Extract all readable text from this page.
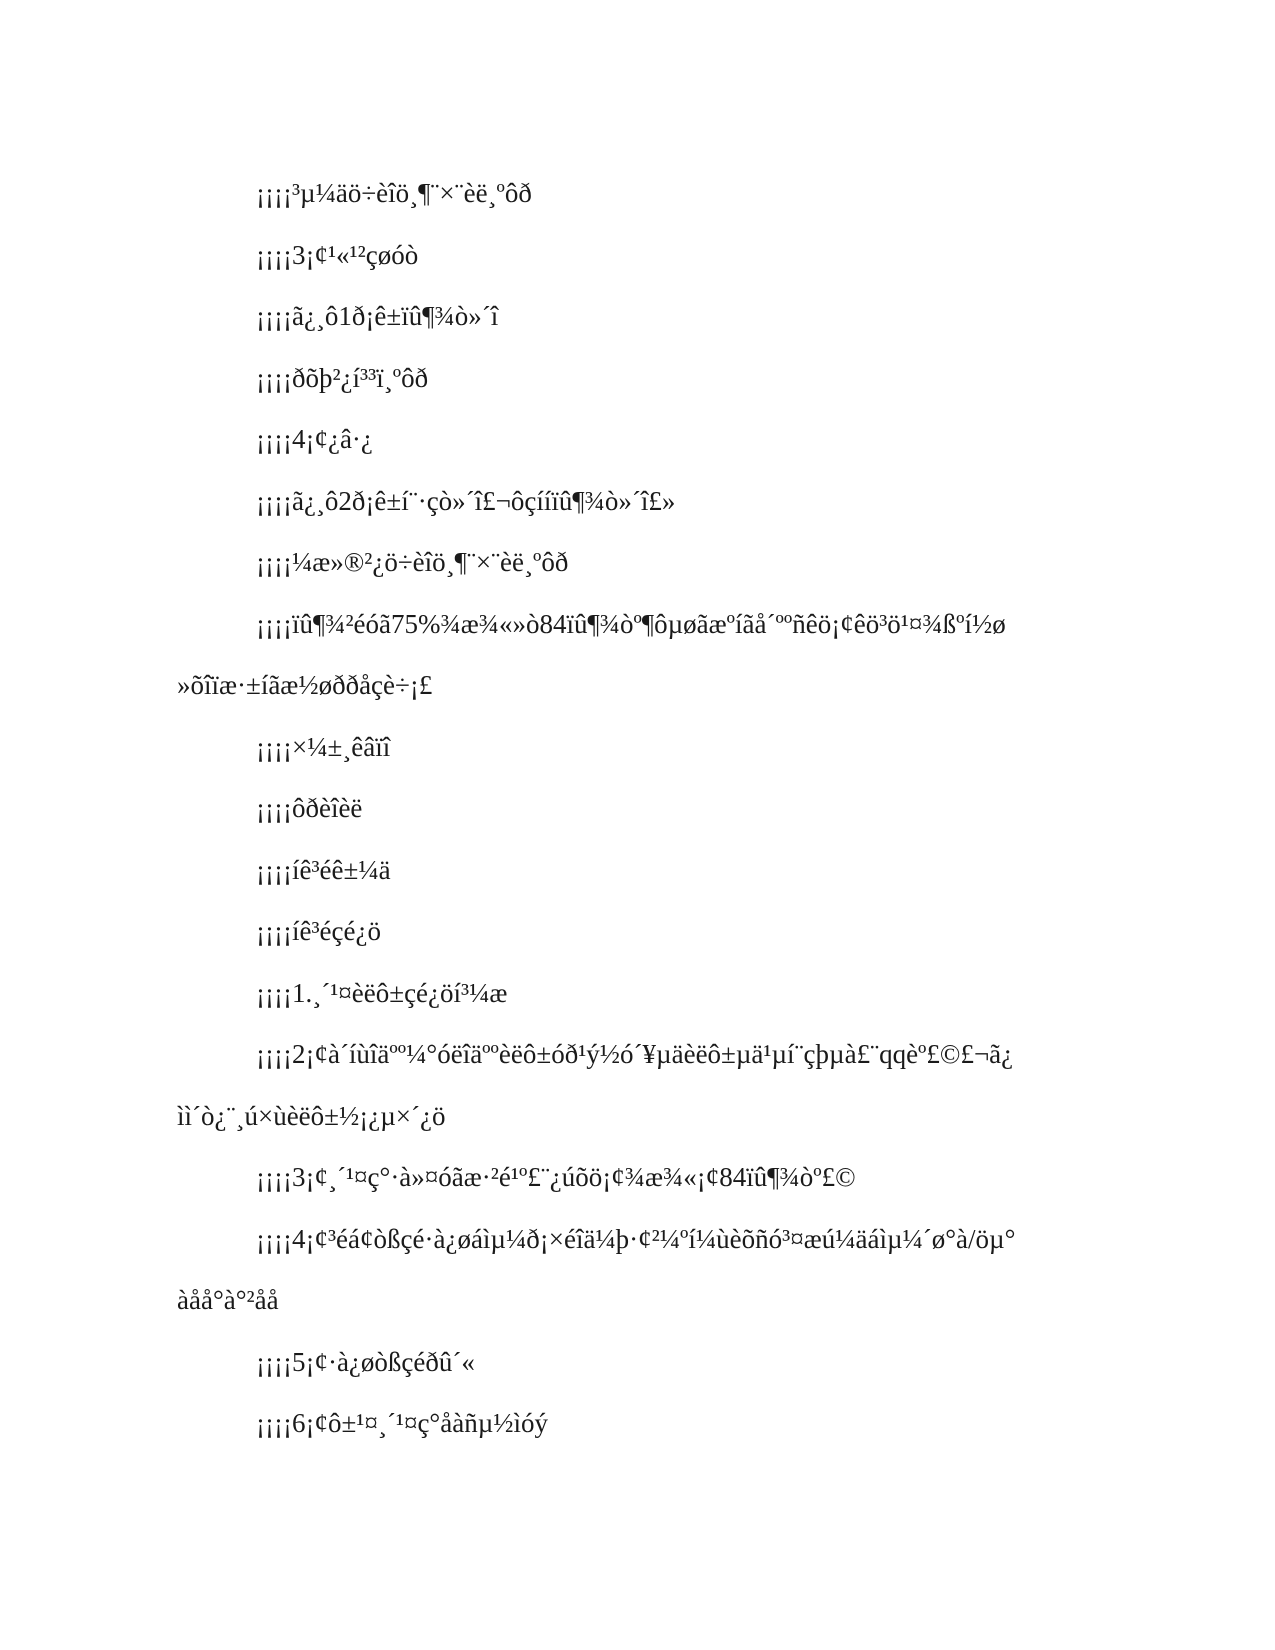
¡¡¡¡³µ¼äö÷èîö¸¶¨×¨èë¸ºôð
¡¡¡¡3¡¢¹«¹²çøóò
¡¡¡¡ã¿¸ô1ð¡ê±ïû¶¾ò»´î
¡¡¡¡ðõþ²¿í³³ï¸ºôð
¡¡¡¡4¡¢¿â·¿
¡¡¡¡ã¿¸ô2ð¡ê±í¨·çò»´î£¬ôçííïû¶¾ò»´î£»
¡¡¡¡¼æ»®²¿ö÷èîö¸¶¨×¨èë¸ºôð
¡¡¡¡ïû¶¾²éóã75%¾æ¾«»ò84ïû¶¾òº¶ôµøãæºíãå´ººñêö¡¢êö³ö¹¤¾ßºí½ø
»õîïæ·±íãæ½øððåçè÷¡£
¡¡¡¡×¼±¸êâïî
¡¡¡¡ôðèîèë
¡¡¡¡íê³éê±¼ä
¡¡¡¡íê³éçé¿ö
¡¡¡¡1.¸´¹¤èëô±çé¿öí³¼æ
¡¡¡¡2¡¢à´íùîäºº¼°óëîäººèëô±óð¹ý½ó´¥µäèëô±µä¹µí¨çþµà£¨qqèº£©£¬ã¿
ìì´ò¿¨¸ú×ùèëô±½¡¿µ×´¿ö
¡¡¡¡3¡¢¸´¹¤ç°·à»¤óãæ·²é¹º£¨¿úõö¡¢¾æ¾«¡¢84ïû¶¾òº£©
¡¡¡¡4¡¢³éá¢òßçé·à¿øáìµ¼ð¡×éîä¼þ·¢²¼ºí¼ùèõñó³¤æú¼äáìµ¼´ø°à/öµ°
àåå°à°²åå
¡¡¡¡5¡¢·à¿øòßçéðû´«
¡¡¡¡6¡¢ô±¹¤¸´¹¤ç°åàñµ½ìóý
